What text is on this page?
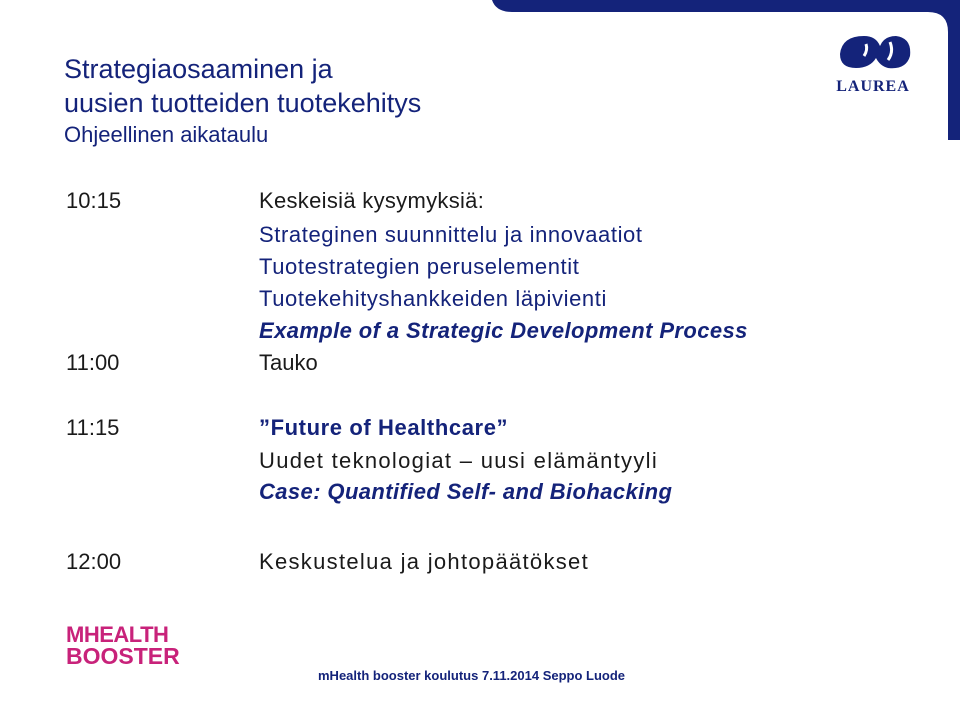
Strategiaosaaminen ja
uusien tuotteiden tuotekehitys
Ohjeellinen aikataulu
LAUREA
10:15	Keskeisiä kysymyksiä:
Strateginen suunnittelu ja innovaatiot
Tuotestrategien peruselementit
Tuotekehityshankkeiden läpivienti
Example of a Strategic Development Process
11:00	Tauko
11:15	”Future of Healthcare”
Uudet teknologiat – uusi elämäntyyli
Case: Quantified Self- and Biohacking
12:00	Keskustelua ja johtopäätökset
MHEALTH
BOOSTER
mHealth booster koulutus 7.11.2014 Seppo Luode
